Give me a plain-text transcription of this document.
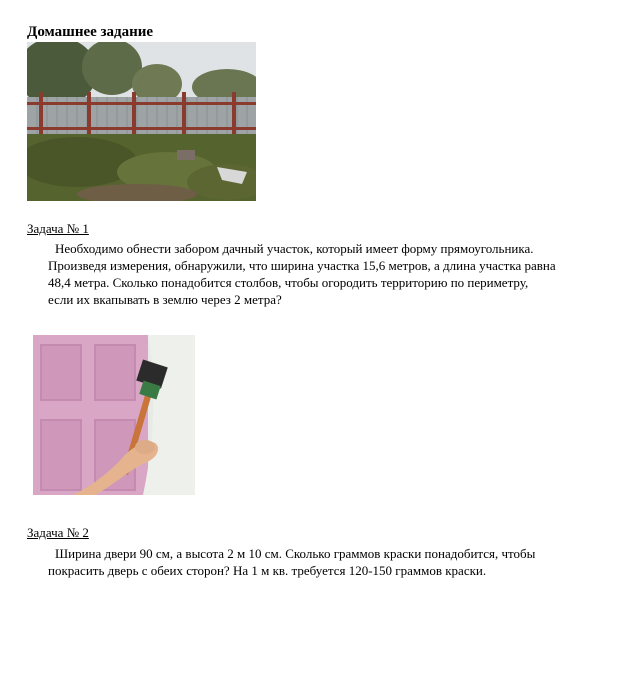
Домашнее задание
Задача № 1
Необходимо обнести забором дачный участок, который имеет форму прямоугольника.
Произведя измерения, обнаружили, что ширина участка 15,6 метров, а длина участка равна
48,4 метра. Сколько понадобится столбов, чтобы огородить территорию по периметру,
если их вкапывать в землю через 2 метра?
Задача № 2
Ширина двери 90 см, а высота 2 м 10 см. Сколько граммов краски понадобится, чтобы
покрасить дверь с обеих сторон? На 1 м кв. требуется 120-150 граммов краски.
